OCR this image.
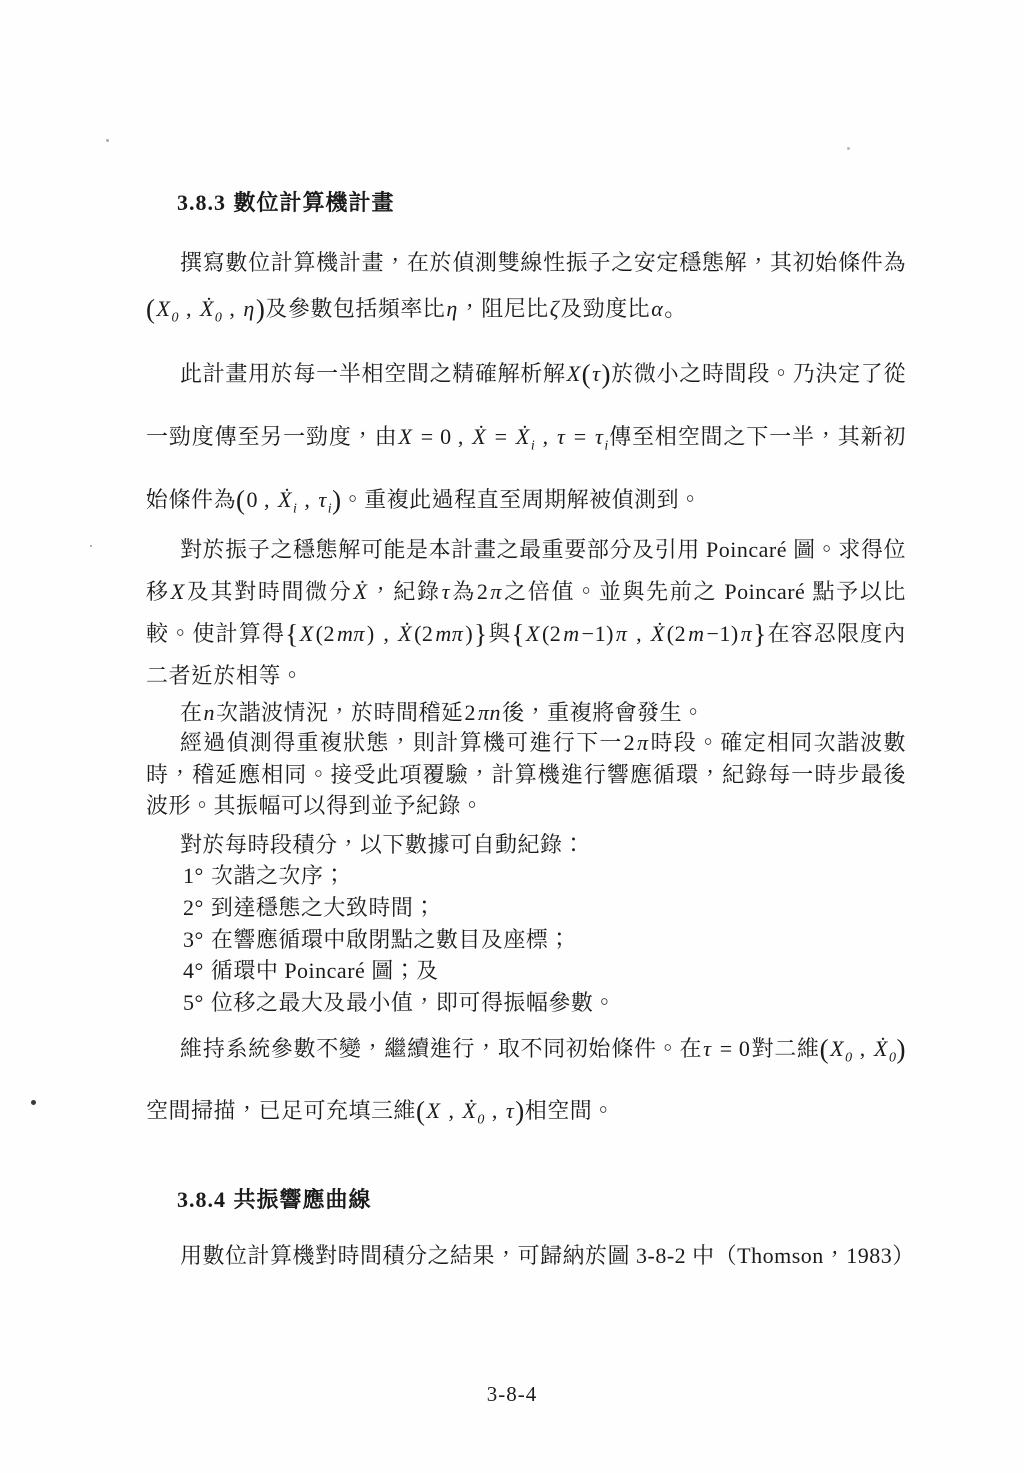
3.8.3 數位計算機計畫
撰寫數位計算機計畫，在於偵測雙線性振子之安定穩態解，其初始條件為($X_0$ , $Ẋ_0$ , η)及參數包括頻率比η，阻尼比ζ及勁度比α。
此計畫用於每一半相空間之精確解析解X(τ)於微小之時間段。乃決定了從一勁度傳至另一勁度，由X = 0 , Ẋ = $Ẋ_i$ , $\tau = \tau_i$傳至相空間之下一半，其新初始條件為(0 , $Ẋ_i$ , $\tau_i$)。重複此過程直至周期解被偵測到。
對於振子之穩態解可能是本計畫之最重要部分及引用 Poincaré 圖。求得位移X及其對時間微分Ẋ，紀錄τ為2π之倍值。並與先前之 Poincaré 點予以比較。使計算得{X(2mπ) , Ẋ(2mπ)}與{X(2m−1)π , Ẋ(2m−1)π}在容忍限度內二者近於相等。
在n次諧波情況，於時間稽延2πn後，重複將會發生。
經過偵測得重複狀態，則計算機可進行下一2π時段。確定相同次諧波數時，稽延應相同。接受此項覆驗，計算機進行響應循環，紀錄每一時步最後波形。其振幅可以得到並予紀錄。
對於每時段積分，以下數據可自動紀錄：

1° 次諧之次序；

2° 到達穩態之大致時間；

3° 在響應循環中啟閉點之數目及座標；

4° 循環中 Poincaré 圖；及

5° 位移之最大及最小值，即可得振幅參數。

維持系統參數不變，繼續進行，取不同初始條件。在τ = 0對二維($X_0$ , $Ẋ_0$)空間掃描，已足可充填三維(X , $Ẋ_0$ , τ)相空間。
3.8.4 共振響應曲線
用數位計算機對時間積分之結果，可歸納於圖 3-8-2 中（Thomson，1983）
3-8-4
